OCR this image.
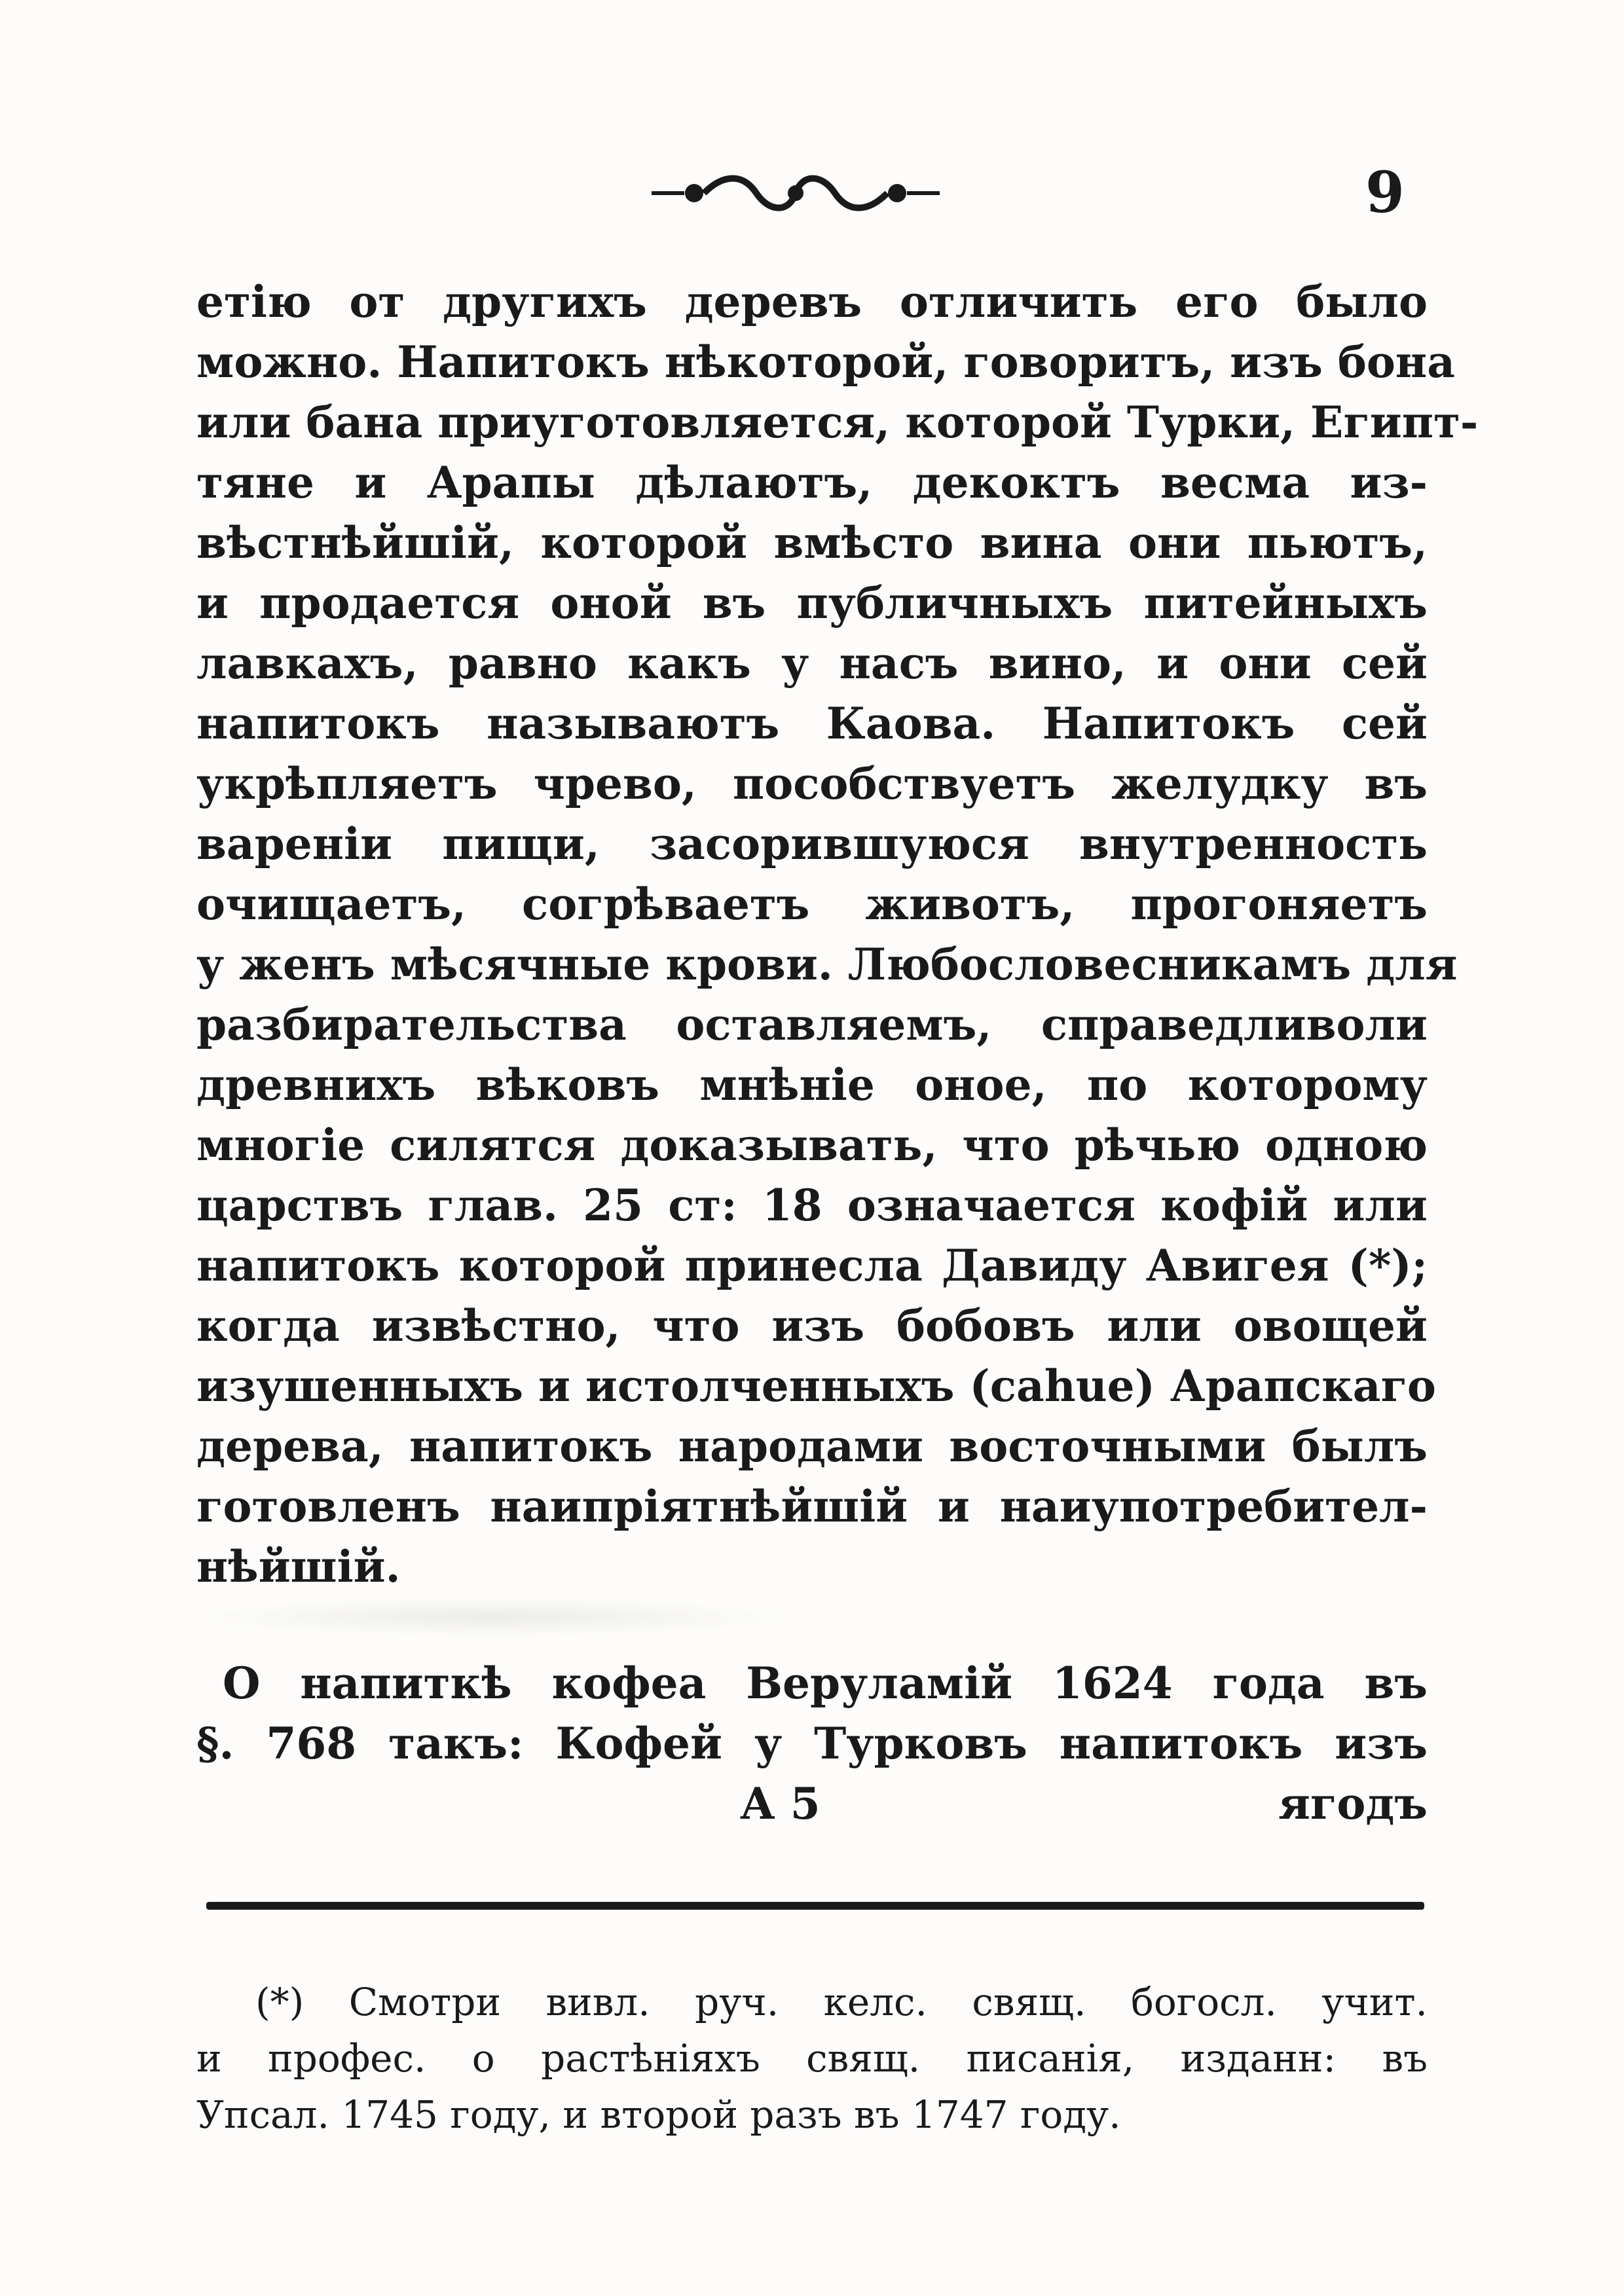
9
етію от другихъ деревъ отличить его было
можно. Напитокъ нѣкоторой, говоритъ, изъ бона
или бана приуготовляется, которой Турки, Египт-
тяне и Арапы дѣлаютъ, декоктъ весма из-
вѣстнѣйшій, которой вмѣсто вина они пьютъ,
и продается оной въ публичныхъ питейныхъ
лавкахъ, равно какъ у насъ вино, и они сей
напитокъ называютъ Каова. Напитокъ сей
укрѣпляетъ чрево, пособствуетъ желудку въ
вареніи пищи, засорившуюся внутренность
очищаетъ, согрѣваетъ животъ, прогоняетъ
у женъ мѣсячные крови. Любословесникамъ для
разбирательства оставляемъ, справедливоли
древнихъ вѣковъ мнѣніе оное, по которому
многіе силятся доказывать, что рѣчью одною
царствъ глав. 25 ст: 18 означается кофій или
напитокъ которой принесла Давиду Авигея (*);
когда извѣстно, что изъ бобовъ или овощей
изушенныхъ и истолченныхъ (cahue) Арапскаго
дерева, напитокъ народами восточными былъ
готовленъ наипріятнѣйшій и наиупотребител-
нѣйшій.
О напиткѣ кофеа Веруламій 1624 года въ
§. 768 такъ: Кофей у Турковъ напитокъ изъ
А 5	ягодъ
(*) Смотри вивл. руч. келс. свящ. богосл. учит.
и профес. о растѣніяхъ свящ. писанія, изданн: въ
Упсал. 1745 году, и второй разъ въ 1747 году.
